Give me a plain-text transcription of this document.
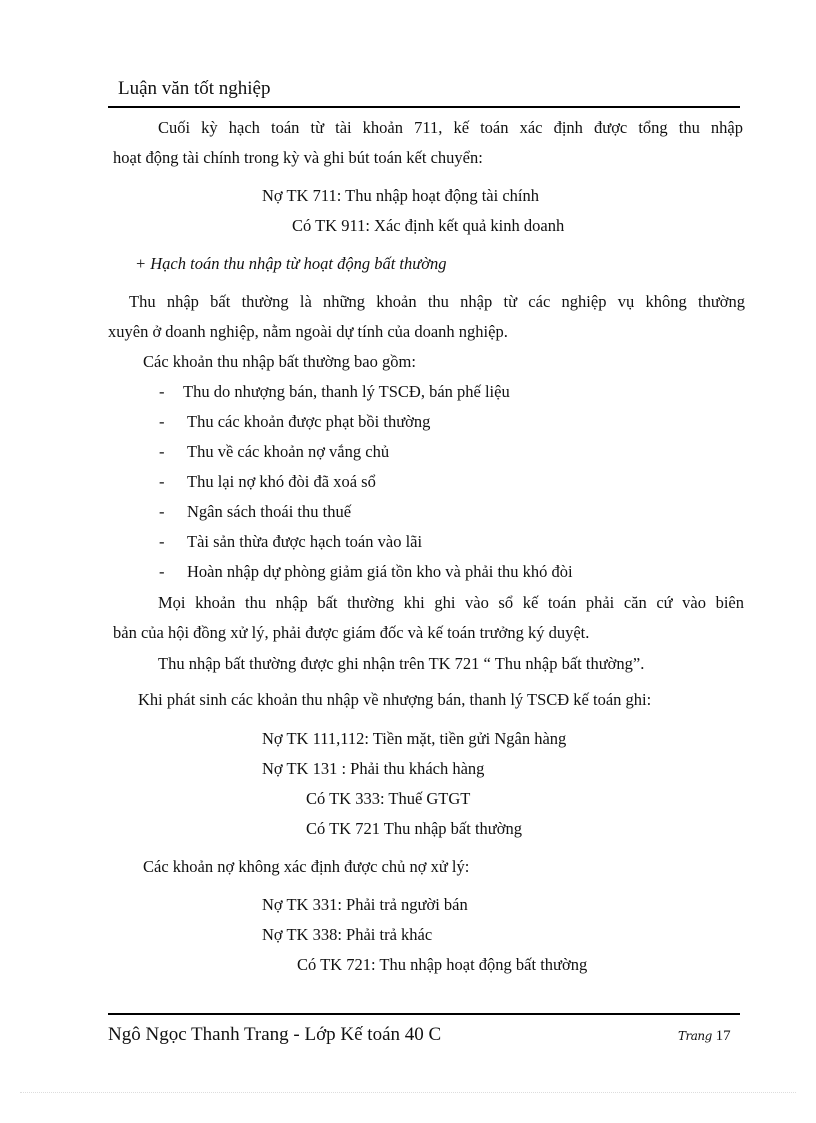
Luận văn tốt nghiệp
Cuối kỳ hạch toán từ tài khoản 711, kế toán xác định được tổng thu nhập
hoạt động tài chính trong kỳ và ghi bút toán kết chuyển:
Nợ TK 711: Thu nhập hoạt động tài chính
Có TK 911: Xác định kết quả kinh doanh
+ Hạch toán thu nhập từ hoạt động bất thường
Thu nhập bất thường là những khoản thu nhập từ các nghiệp vụ không thường
xuyên ở doanh nghiệp, nằm ngoài dự tính của doanh nghiệp.
Các khoản thu nhập bất thường bao gồm:
- Thu do nhượng bán, thanh lý TSCĐ, bán phế liệu
- Thu các khoản được phạt bồi thường
- Thu về các khoản nợ vắng chủ
- Thu lại nợ khó đòi đã xoá sổ
- Ngân sách thoái thu thuế
- Tài sản thừa được hạch toán vào lãi
- Hoàn nhập dự phòng giảm giá tồn kho và phải thu khó đòi
Mọi khoản thu nhập bất thường khi ghi vào sổ kế toán phải căn cứ vào biên
bản của hội đồng xử lý, phải được giám đốc và kế toán trưởng ký duyệt.
Thu nhập bất thường được ghi nhận trên TK 721 “ Thu nhập bất thường”.
Khi phát sinh các khoản thu nhập về nhượng bán, thanh lý TSCĐ kế toán ghi:
Nợ TK 111,112: Tiền mặt, tiền gửi Ngân hàng
Nợ TK 131 : Phải thu khách hàng
Có TK 333: Thuế GTGT
Có TK 721 Thu nhập bất thường
Các khoản nợ không xác định được chủ nợ xử lý:
Nợ TK 331: Phải trả người bán
Nợ TK 338: Phải trả khác
Có TK 721: Thu nhập hoạt động bất thường
Ngô Ngọc Thanh Trang - Lớp Kế toán 40 C	Trang 17
